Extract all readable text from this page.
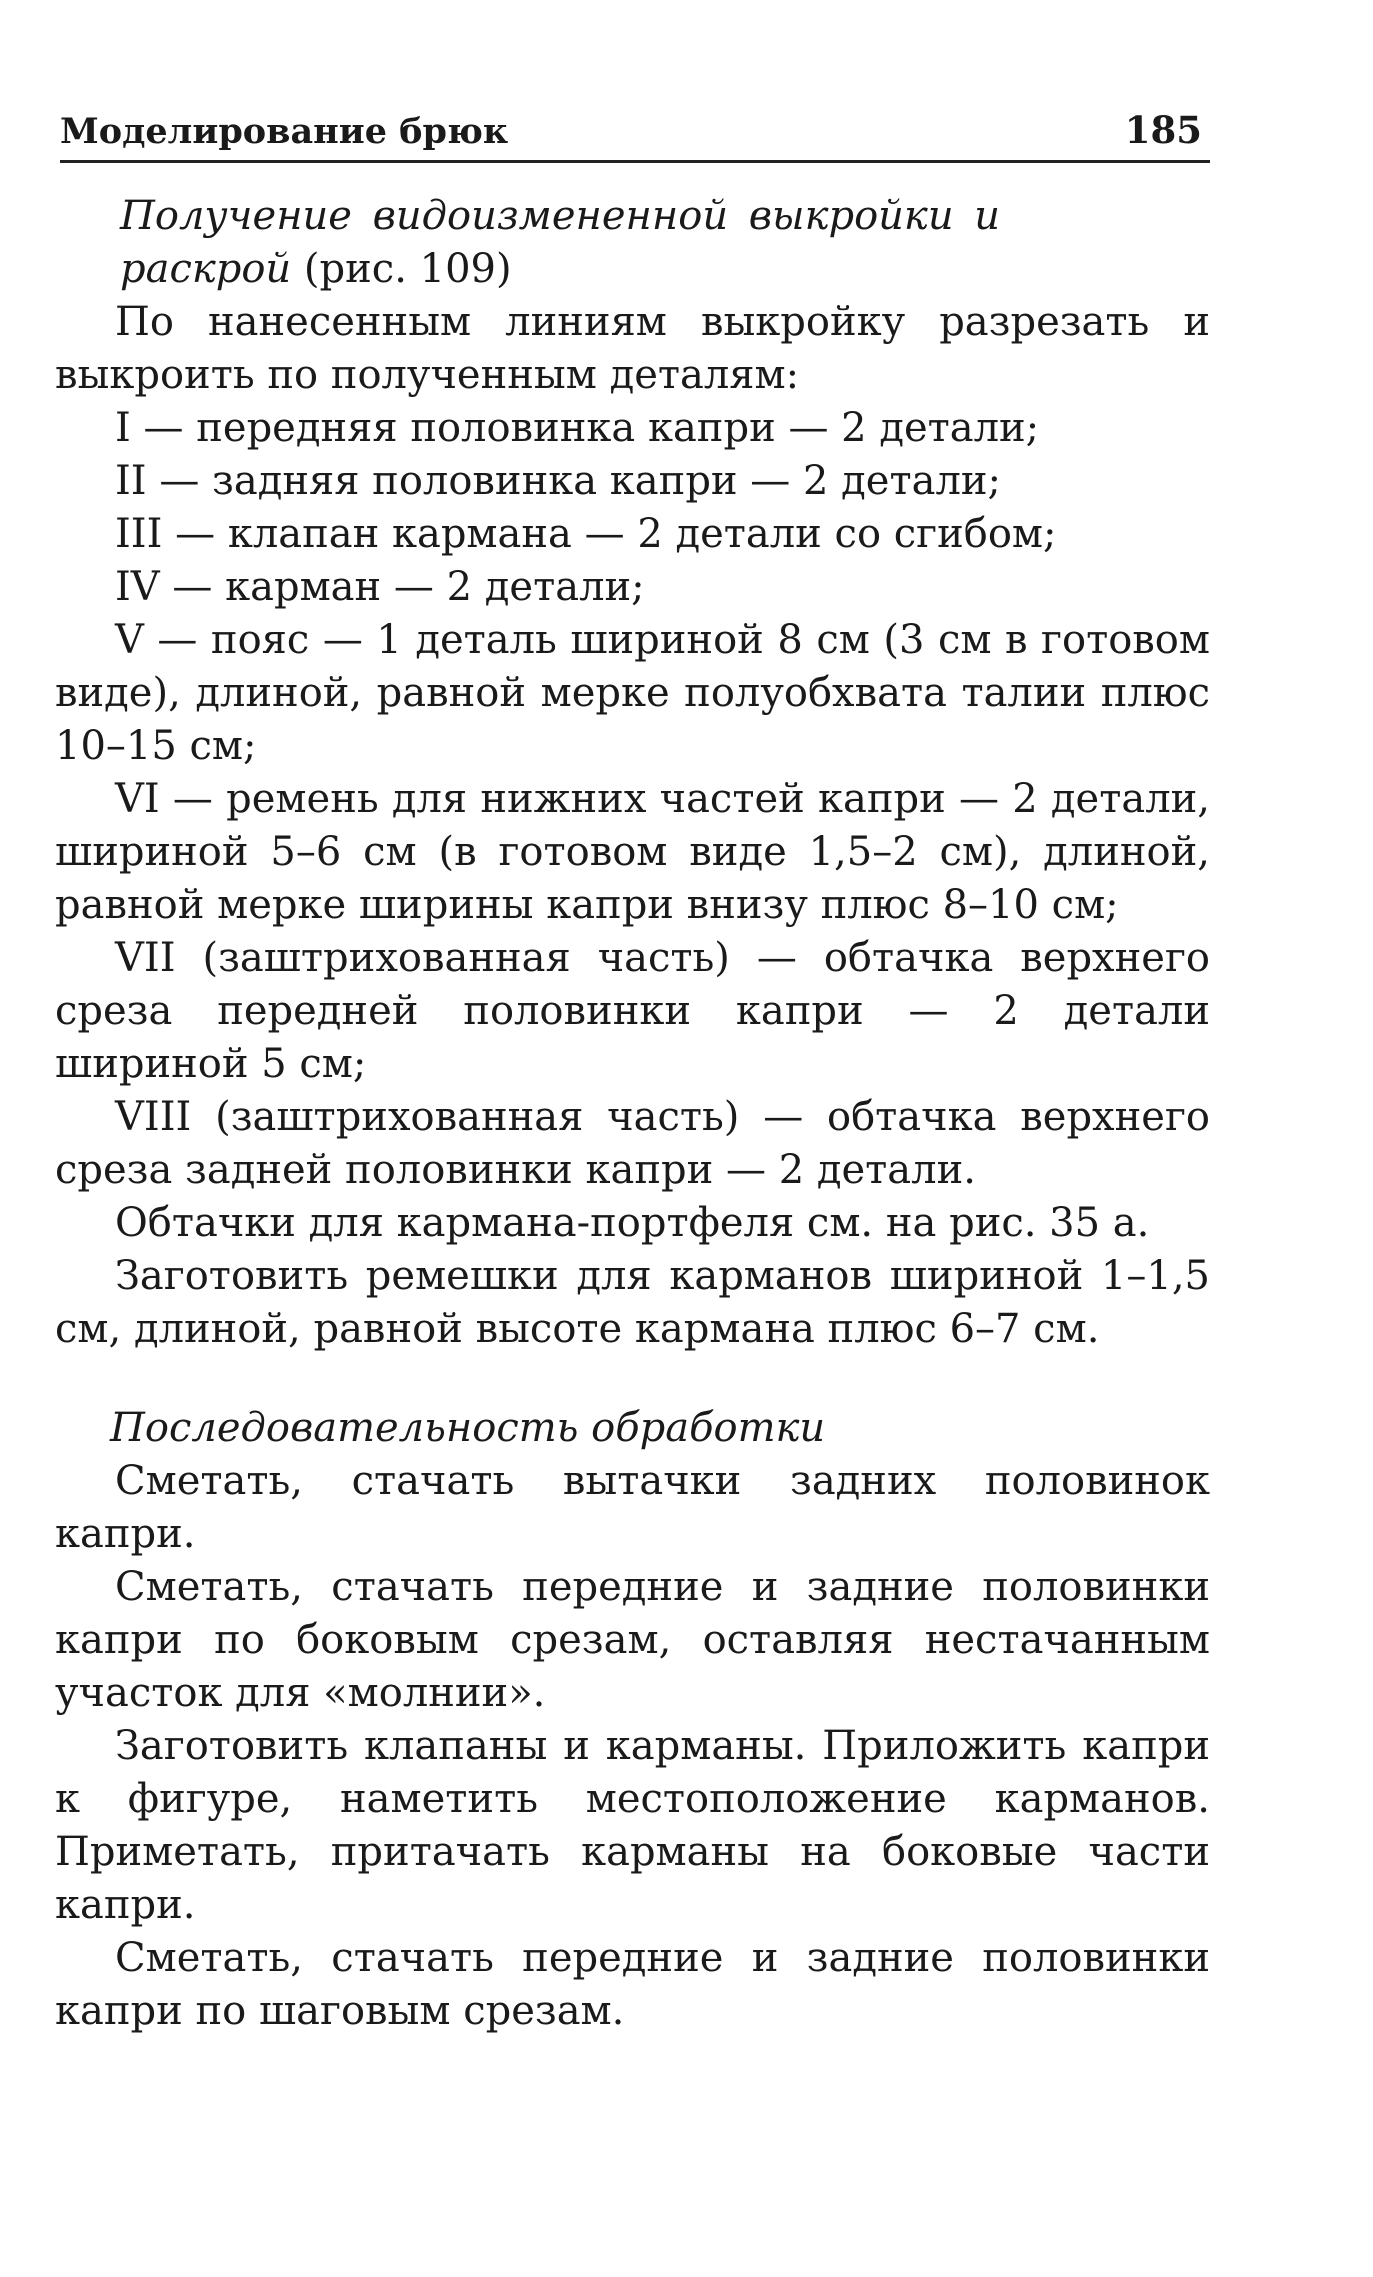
Моделирование брюк	185

Получение видоизмененной выкройки и раскрой (рис. 109)

По нанесенным линиям выкройку разрезать и выкроить по полученным деталям:

I — передняя половинка капри — 2 детали;

II — задняя половинка капри — 2 детали;

III — клапан кармана — 2 детали со сгибом;

IV — карман — 2 детали;

V — пояс — 1 деталь шириной 8 см (3 см в готовом виде), длиной, равной мерке полуобхвата талии плюс 10–15 см;

VI — ремень для нижних частей капри — 2 детали, шириной 5–6 см (в готовом виде 1,5–2 см), длиной, равной мерке ширины капри внизу плюс 8–10 см;

VII (заштрихованная часть) — обтачка верхнего среза передней половинки капри — 2 детали шириной 5 см;

VIII (заштрихованная часть) — обтачка верхнего среза задней половинки капри — 2 детали.

Обтачки для кармана-портфеля см. на рис. 35 а.

Заготовить ремешки для карманов шириной 1–1,5 см, длиной, равной высоте кармана плюс 6–7 см.

Последовательность обработки

Сметать, стачать вытачки задних половинок капри.

Сметать, стачать передние и задние половинки капри по боковым срезам, оставляя нестачанным участок для «молнии».

Заготовить клапаны и карманы. Приложить капри к фигуре, наметить местоположение карманов. Приметать, притачать карманы на боковые части капри.

Сметать, стачать передние и задние половинки капри по шаговым срезам.
